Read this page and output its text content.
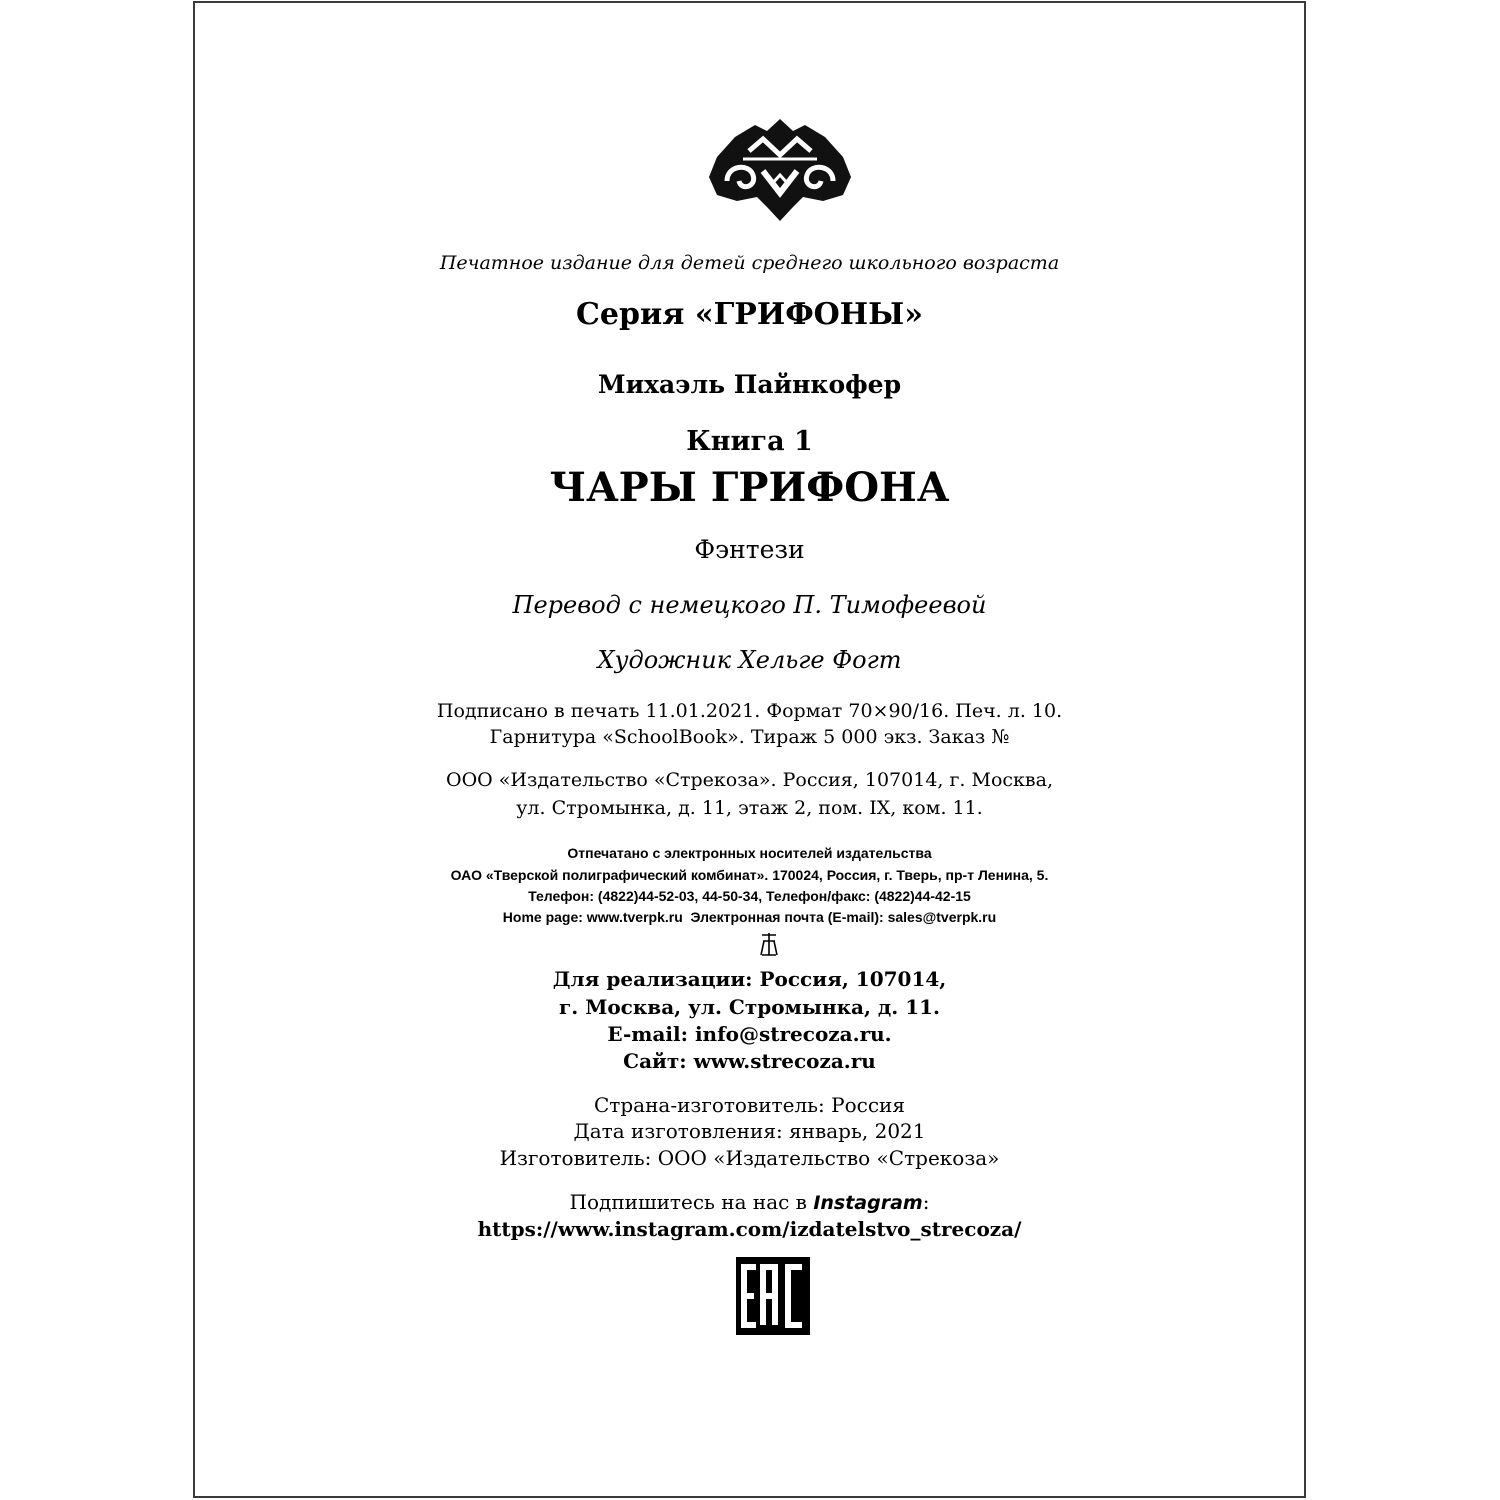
Печатное издание для детей среднего школьного возраста
Серия «ГРИФОНЫ»
Михаэль Пайнкофер
Книга 1
ЧАРЫ ГРИФОНА
Фэнтези
Перевод с немецкого П. Тимофеевой
Художник Хельге Фогт
Подписано в печать 11.01.2021. Формат 70×90/16. Печ. л. 10.
Гарнитура «SchoolBook». Тираж 5 000 экз. Заказ №
ООО «Издательство «Стрекоза». Россия, 107014, г. Москва,
ул. Стромынка, д. 11, этаж 2, пом. IX, ком. 11.
Отпечатано с электронных носителей издательства
ОАО «Тверской полиграфический комбинат». 170024, Россия, г. Тверь, пр-т Ленина, 5.
Телефон: (4822)44-52-03, 44-50-34, Телефон/факс: (4822)44-42-15
Home page: www.tverpk.ru  Электронная почта (E-mail): sales@tverpk.ru
Для реализации: Россия, 107014,
г. Москва, ул. Стромынка, д. 11.
E-mail: info@strecoza.ru.
Сайт: www.strecoza.ru
Страна-изготовитель: Россия
Дата изготовления: январь, 2021
Изготовитель: ООО «Издательство «Стрекоза»
Подпишитесь на нас в Instagram:
https://www.instagram.com/izdatelstvo_strecoza/
